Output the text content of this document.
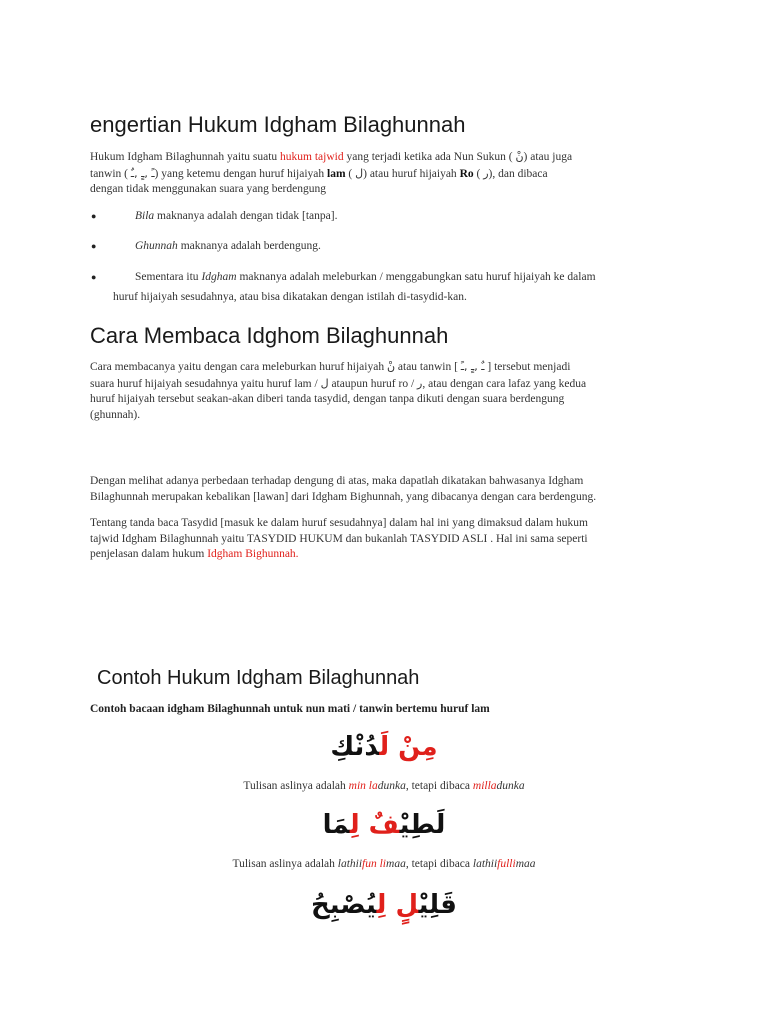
engertian Hukum Idgham Bilaghunnah

Hukum Idgham Bilaghunnah yaitu suatu hukum tajwid yang terjadi ketika ada Nun Sukun ( نْ) atau juga
tanwin ( ـً ,ـٍ ,ـٌ) yang ketemu dengan huruf hijaiyah lam ( ل) atau huruf hijaiyah Ro ( ر), dan dibaca
dengan tidak menggunakan suara yang berdengung

●	Bila maknanya adalah dengan tidak [tanpa].

●	Ghunnah maknanya adalah berdengung.

●	Sementara itu Idgham maknanya adalah meleburkan / menggabungkan satu huruf hijaiyah ke dalam

huruf hijaiyah sesudahnya, atau bisa dikatakan dengan istilah di-tasydid-kan.

Cara Membaca Idghom Bilaghunnah

Cara membacanya yaitu dengan cara meleburkan huruf hijaiyah نْ atau tanwin [ ـٌ ,ـٍ ,ـً ] tersebut menjadi
suara huruf hijaiyah sesudahnya yaitu huruf lam / ل ataupun huruf ro / ر, atau dengan cara lafaz yang kedua
huruf hijaiyah tersebut seakan-akan diberi tanda tasydid, dengan tanpa dikuti dengan suara berdengung
(ghunnah).

Dengan melihat adanya perbedaan terhadap dengung di atas, maka dapatlah dikatakan bahwasanya Idgham
Bilaghunnah merupakan kebalikan [lawan] dari Idgham Bighunnah, yang dibacanya dengan cara berdengung.

Tentang tanda baca Tasydid [masuk ke dalam huruf sesudahnya] dalam hal ini yang dimaksud dalam hukum
tajwid Idgham Bilaghunnah yaitu TASYDID HUKUM dan bukanlah TASYDID ASLI . Hal ini sama seperti
penjelasan dalam hukum Idgham Bighunnah.

Contoh Hukum Idgham Bilaghunnah

Contoh bacaan idgham Bilaghunnah untuk nun mati / tanwin bertemu huruf lam

مِنْ لَدُنْكِ
Tulisan aslinya adalah min ladunka, tetapi dibaca milladunka
لَطِيْفٌ لِمَا
Tulisan aslinya adalah lathiifun limaa, tetapi dibaca lathiifullimaa
قَلِيْلٍ لِيُصْبِحُ
